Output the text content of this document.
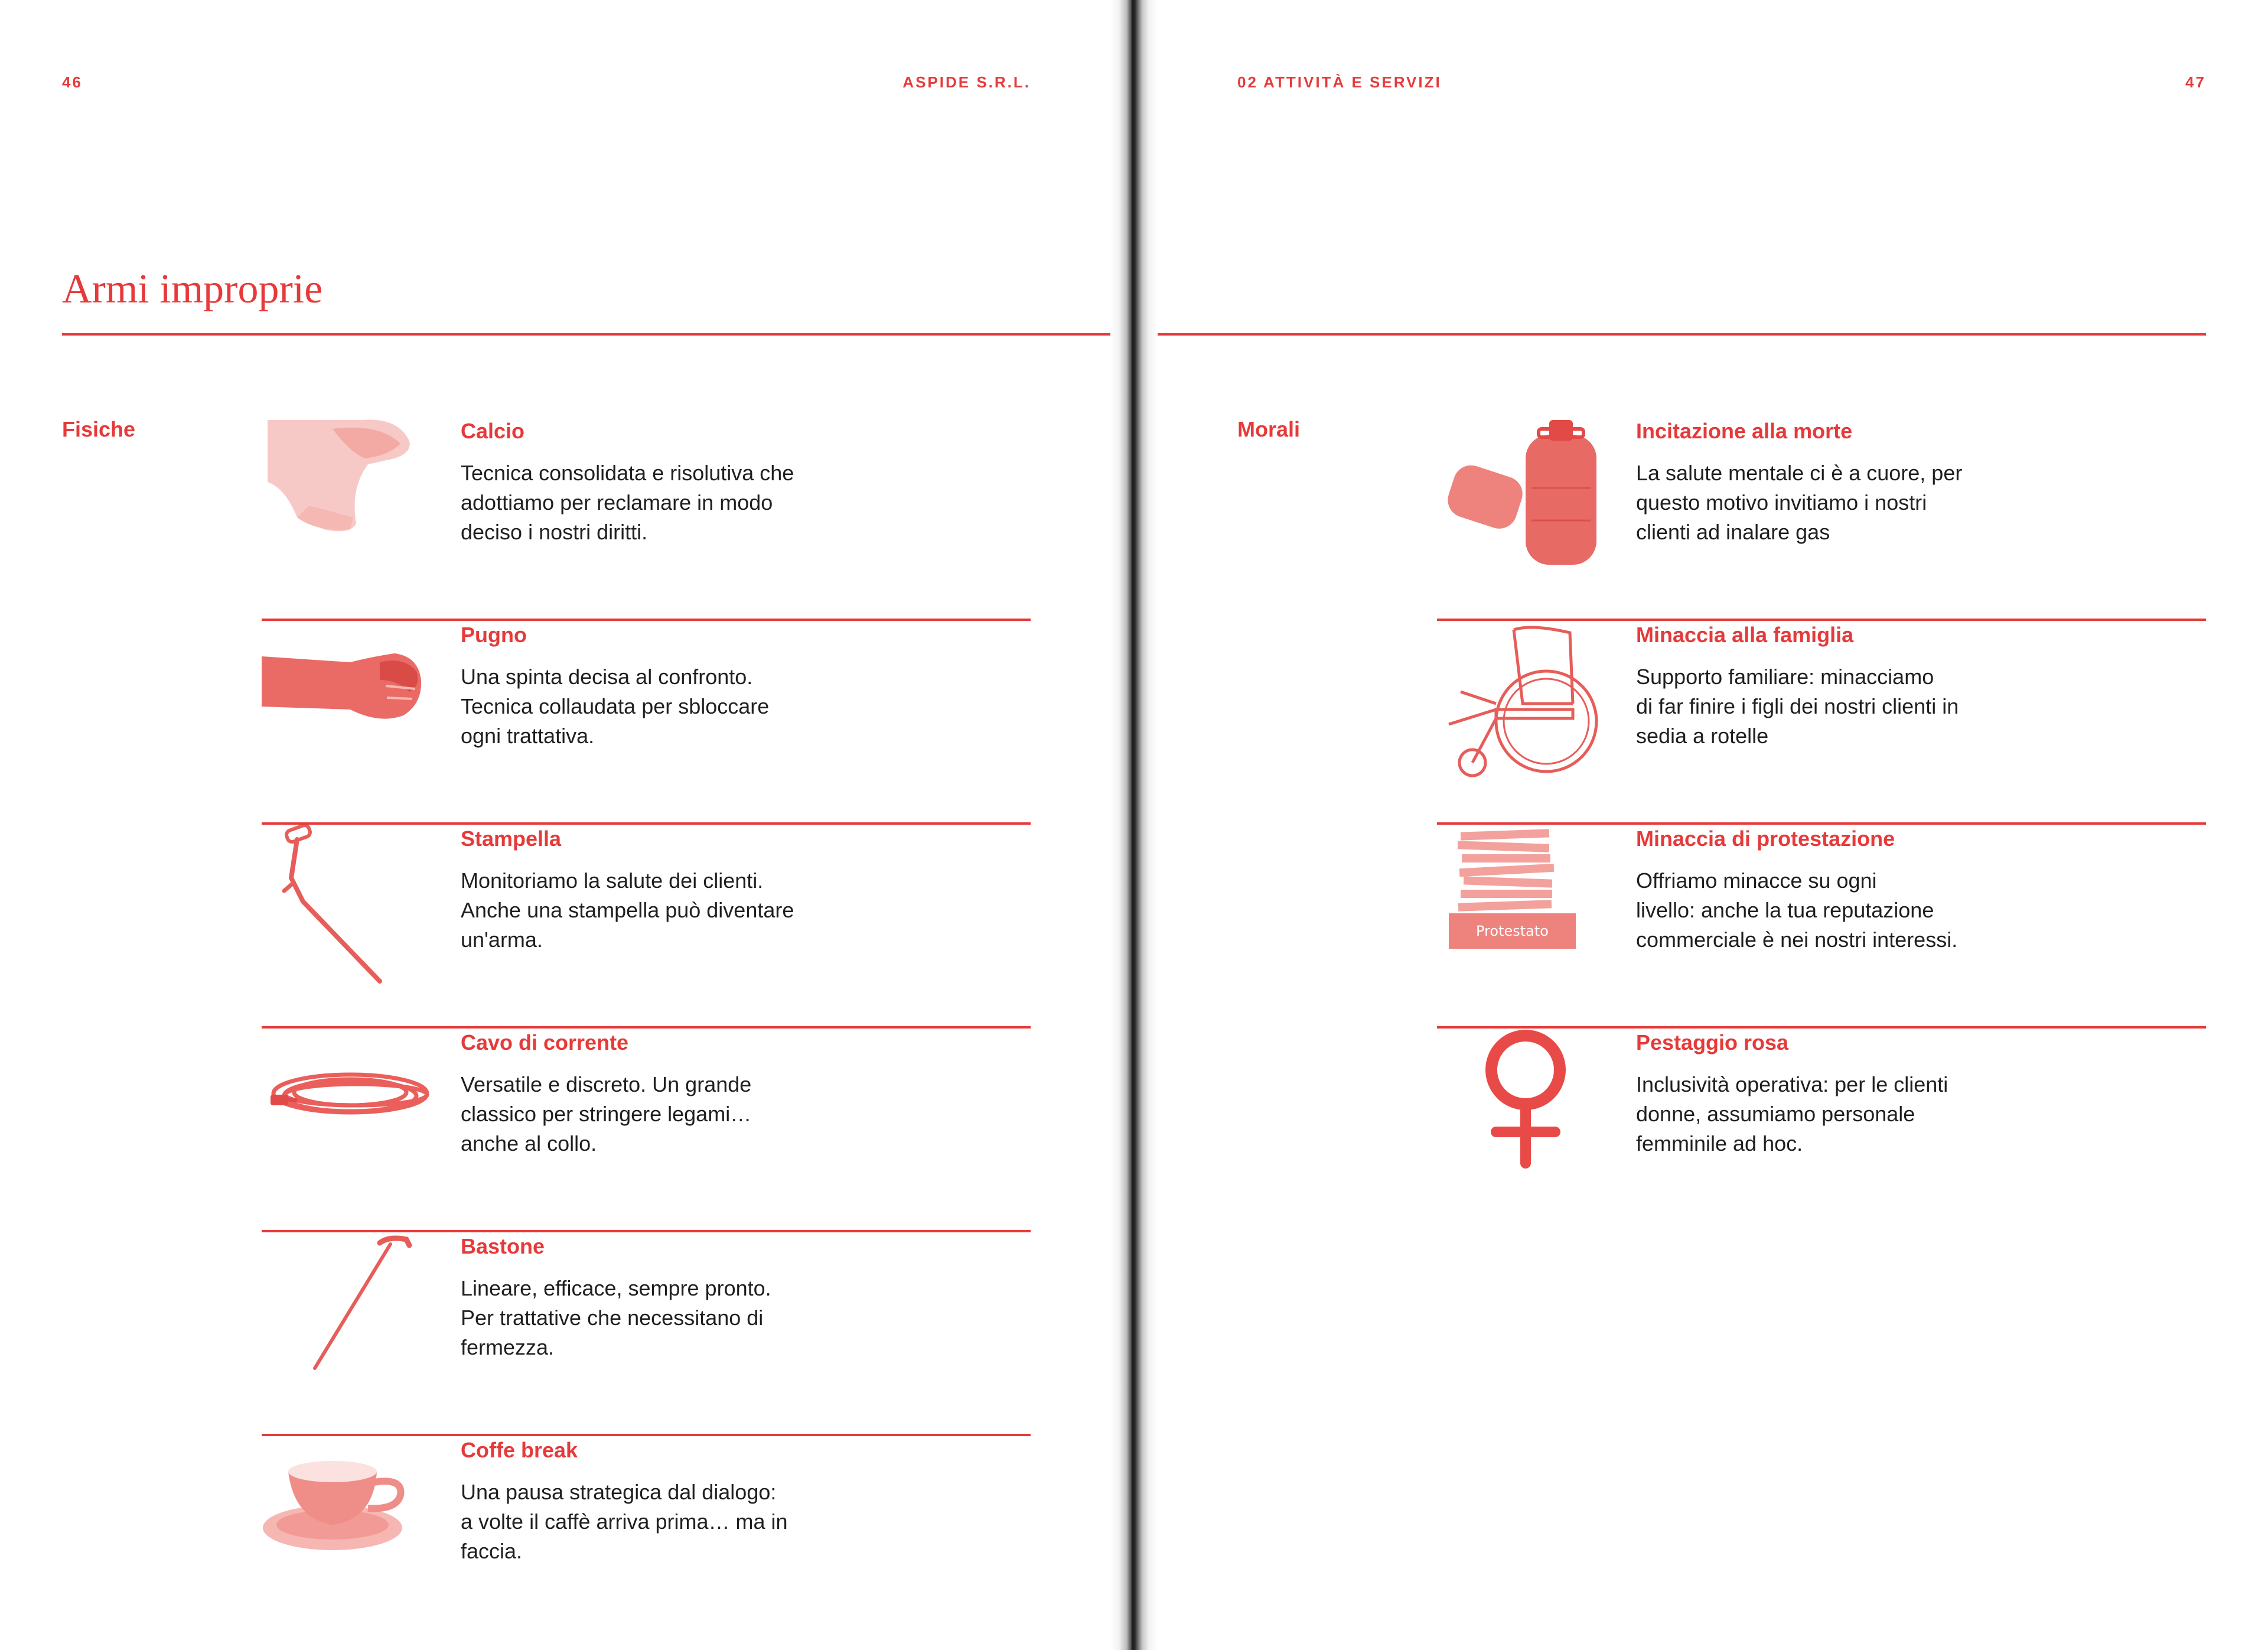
46	ASPIDE S.R.L.
Armi improprie
Fisiche	Calcio
Tecnica consolidata e risolutiva che
adottiamo per reclamare in modo
deciso i nostri diritti.
Pugno
Una spinta decisa al confronto.
Tecnica collaudata per sbloccare
ogni trattativa.
Stampella
Monitoriamo la salute dei clienti.
Anche una stampella può diventare
un'arma.
Cavo di corrente
Versatile e discreto. Un grande
classico per stringere legami…
anche al collo.
Bastone
Lineare, efficace, sempre pronto.
Per trattative che necessitano di
fermezza.
Coffe break
Una pausa strategica dal dialogo:
a volte il caffè arriva prima… ma in
faccia.
02 ATTIVITÀ E SERVIZI	47
Morali	Incitazione alla morte
La salute mentale ci è a cuore, per
questo motivo invitiamo i nostri
clienti ad inalare gas
Minaccia alla famiglia
Supporto familiare: minacciamo
di far finire i figli dei nostri clienti in
sedia a rotelle
Protestato
Minaccia di protestazione
Offriamo minacce su ogni
livello: anche la tua reputazione
commerciale è nei nostri interessi.
Pestaggio rosa
Inclusività operativa: per le clienti
donne, assumiamo personale
femminile ad hoc.
